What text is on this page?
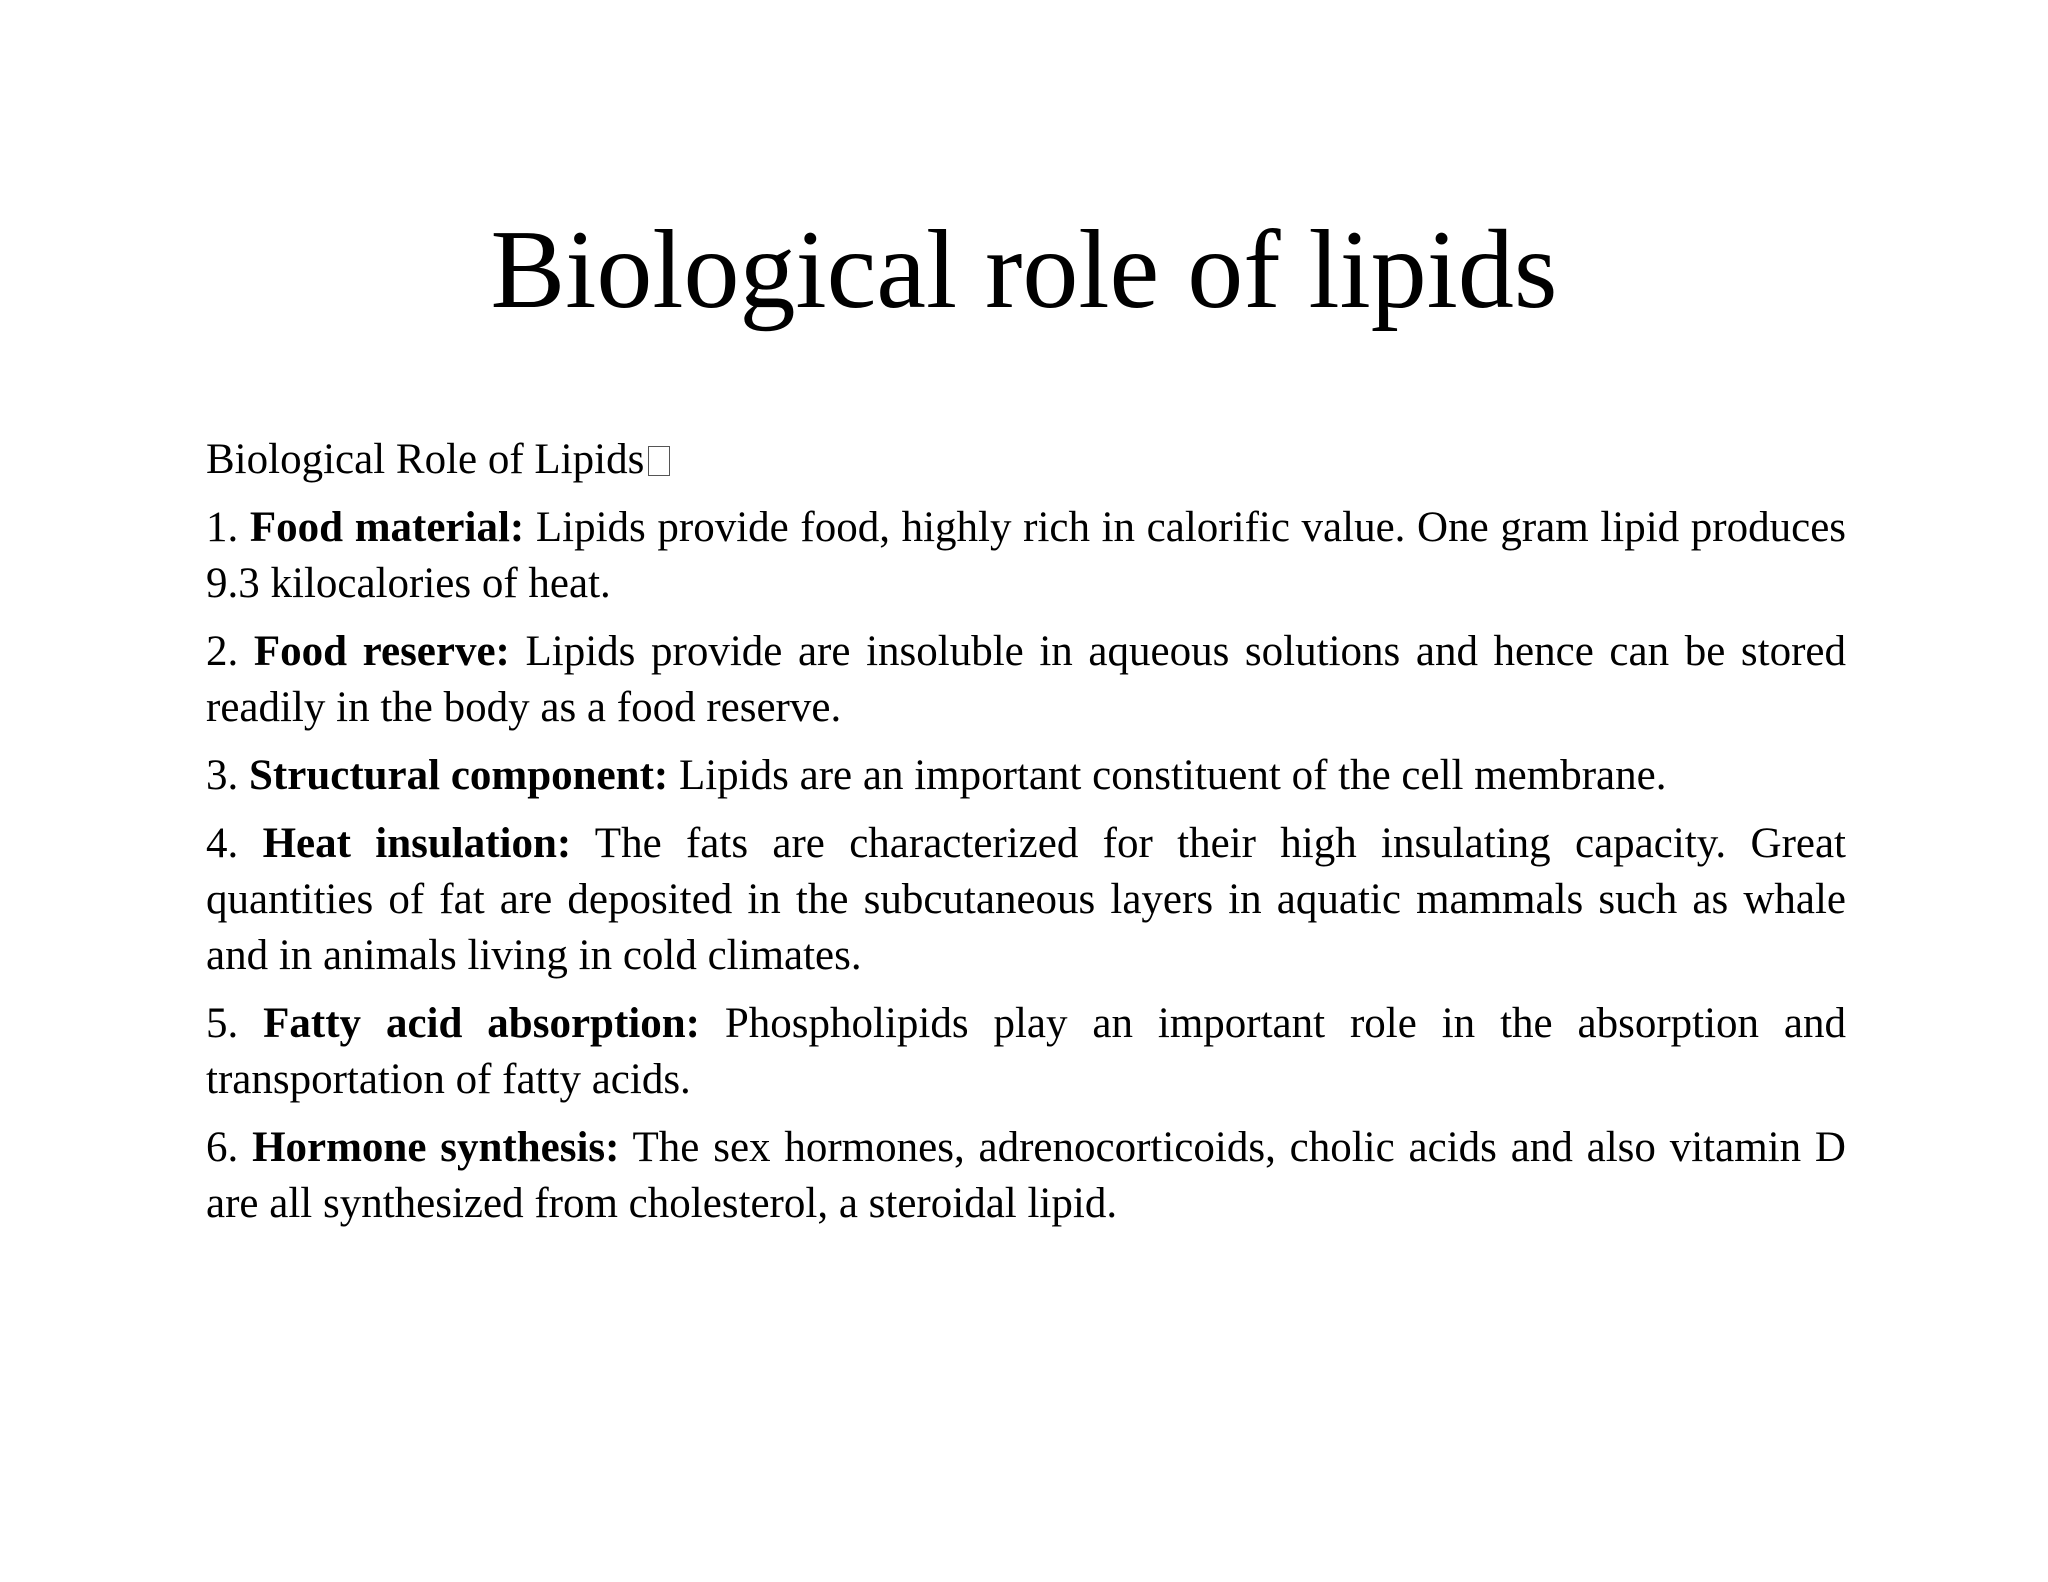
Biological role of lipids

Biological Role of Lipids

1. Food material: Lipids provide food, highly rich in calorific value. One gram lipid produces 9.3 kilocalories of heat.

2. Food reserve: Lipids provide are insoluble in aqueous solutions and hence can be stored readily in the body as a food reserve.

3. Structural component: Lipids are an important constituent of the cell membrane.

4. Heat insulation: The fats are characterized for their high insulating capacity. Great quantities of fat are deposited in the subcutaneous layers in aquatic mammals such as whale and in animals living in cold climates.

5. Fatty acid absorption: Phospholipids play an important role in the absorption and transportation of fatty acids.

6. Hormone synthesis: The sex hormones, adrenocorticoids, cholic acids and also vitamin D are all synthesized from cholesterol, a steroidal lipid.
